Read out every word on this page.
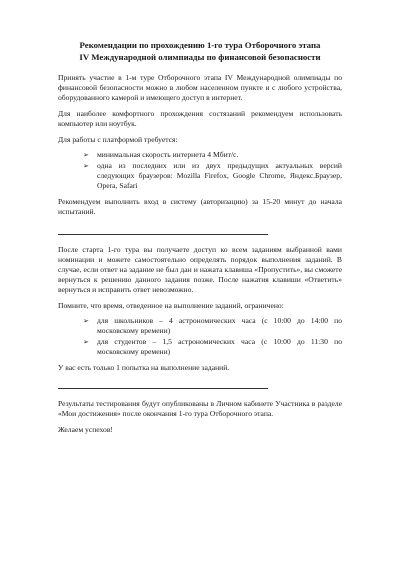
Рекомендации по прохождению 1-го тура Отборочного этапа
IV Международной олимпиады по финансовой безопасности

Принять участие в 1-м туре Отборочного этапа IV Международной олимпиады по финансовой безопасности можно в любом населенном пункте и с любого устройства, оборудованного камерой и имеющего доступ в интернет.

Для наиболее комфортного прохождения состязаний рекомендуем использовать компьютер или ноутбук.

Для работы с платформой требуется:

➢ минимальная скорость интернета 4 Мбит/с.
➢ одна из последних или из двух предыдущих актуальных версий следующих браузеров: Mozilla Firefox, Google Chrome, Яндекс.Браузер, Opera, Safari

Рекомендуем выполнить вход в систему (авторизацию) за 15-20 минут до начала испытаний.

После старта 1-го тура вы получаете доступ ко всем заданиям выбранной вами номинации и можете самостоятельно определять порядок выполнения заданий. В случае, если ответ на задание не был дан и нажата клавиша «Пропустить», вы сможете вернуться к решению данного задания позже. После нажатия клавиши «Ответить» вернуться и исправить ответ невозможно.

Помните, что время, отведенное на выполнение заданий, ограничено:

➢ для школьников – 4 астрономических часа (с 10:00 до 14:00 по московскому времени)
➢ для студентов – 1,5 астрономических часа (с 10:00 до 11:30 по московскому времени)

У вас есть только 1 попытка на выполнение заданий.

Результаты тестирования будут опубликованы в Личном кабинете Участника в разделе «Мои достижения» после окончания 1-го тура Отборочного этапа.

Желаем успехов!
